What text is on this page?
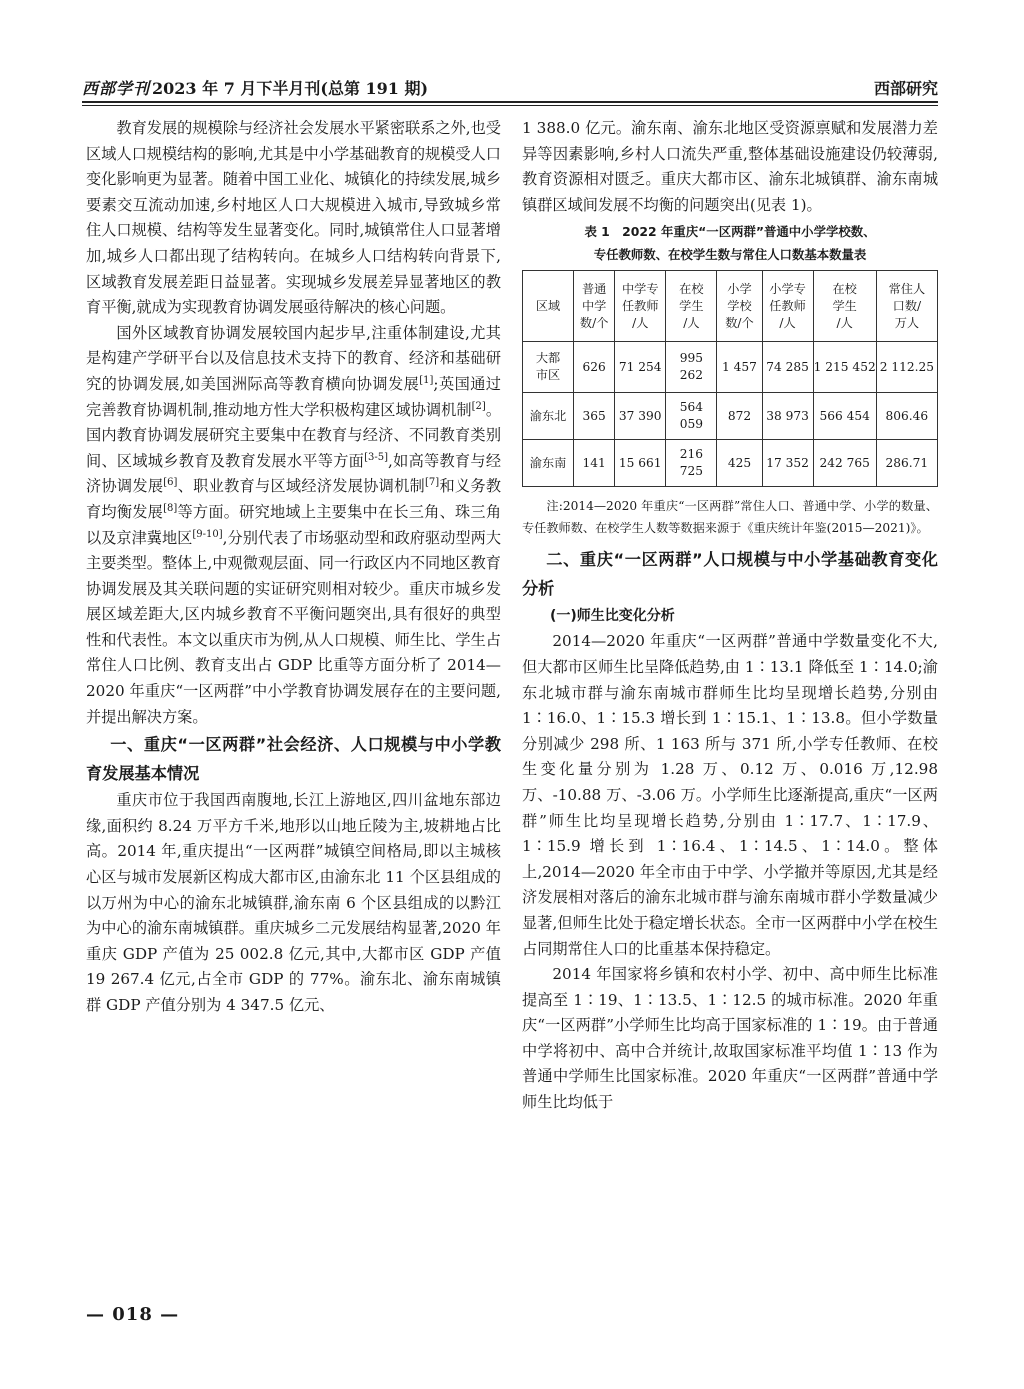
西部学刊 2023 年 7 月下半月刊(总第 191 期)	西部研究

教育发展的规模除与经济社会发展水平紧密联系之外,也受区域人口规模结构的影响,尤其是中小学基础教育的规模受人口变化影响更为显著。随着中国工业化、城镇化的持续发展,城乡要素交互流动加速,乡村地区人口大规模进入城市,导致城乡常住人口规模、结构等发生显著变化。同时,城镇常住人口显著增加,城乡人口都出现了结构转向。在城乡人口结构转向背景下,区域教育发展差距日益显著。实现城乡发展差异显著地区的教育平衡,就成为实现教育协调发展亟待解决的核心问题。

国外区域教育协调发展较国内起步早,注重体制建设,尤其是构建产学研平台以及信息技术支持下的教育、经济和基础研究的协调发展,如美国洲际高等教育横向协调发展[1];英国通过完善教育协调机制,推动地方性大学积极构建区域协调机制[2]。国内教育协调发展研究主要集中在教育与经济、不同教育类别间、区域城乡教育及教育发展水平等方面[3-5],如高等教育与经济协调发展[6]、职业教育与区域经济发展协调机制[7]和义务教育均衡发展[8]等方面。研究地域上主要集中在长三角、珠三角以及京津冀地区[9-10],分别代表了市场驱动型和政府驱动型两大主要类型。整体上,中观微观层面、同一行政区内不同地区教育协调发展及其关联问题的实证研究则相对较少。重庆市城乡发展区域差距大,区内城乡教育不平衡问题突出,具有很好的典型性和代表性。本文以重庆市为例,从人口规模、师生比、学生占常住人口比例、教育支出占 GDP 比重等方面分析了 2014—2020 年重庆“一区两群”中小学教育协调发展存在的主要问题,并提出解决方案。

一、重庆“一区两群”社会经济、人口规模与中小学教育发展基本情况

重庆市位于我国西南腹地,长江上游地区,四川盆地东部边缘,面积约 8.24 万平方千米,地形以山地丘陵为主,坡耕地占比高。2014 年,重庆提出“一区两群”城镇空间格局,即以主城核心区与城市发展新区构成大都市区,由渝东北 11 个区县组成的以万州为中心的渝东北城镇群,渝东南 6 个区县组成的以黔江为中心的渝东南城镇群。重庆城乡二元发展结构显著,2020 年重庆 GDP 产值为 25 002.8 亿元,其中,大都市区 GDP 产值 19 267.4 亿元,占全市 GDP 的 77%。渝东北、渝东南城镇群 GDP 产值分别为 4 347.5 亿元、

1 388.0 亿元。渝东南、渝东北地区受资源禀赋和发展潜力差异等因素影响,乡村人口流失严重,整体基础设施建设仍较薄弱,教育资源相对匮乏。重庆大都市区、渝东北城镇群、渝东南城镇群区域间发展不均衡的问题突出(见表 1)。

表 1　2022 年重庆“一区两群”普通中小学学校数、
专任教师数、在校学生数与常住人口数基本数量表
区域	普通
中学
数/个	中学专
任教师
/人	在校
学生
/人	小学
学校
数/个	小学专
任教师
/人	在校
学生
/人	常住人
口数/
万人
大都
市区	626	71 254	995 262	1 457	74 285	1 215 452	2 112.25
渝东北	365	37 390	564 059	872	38 973	566 454	806.46
渝东南	141	15 661	216 725	425	17 352	242 765	286.71
注:2014—2020 年重庆“一区两群”常住人口、普通中学、小学的数量、专任教师数、在校学生人数等数据来源于《重庆统计年鉴(2015—2021)》。
二、重庆“一区两群”人口规模与中小学基础教育变化分析
(一)师生比变化分析

2014—2020 年重庆“一区两群”普通中学数量变化不大,但大都市区师生比呈降低趋势,由 1∶13.1 降低至 1∶14.0;渝东北城市群与渝东南城市群师生比均呈现增长趋势,分别由 1∶16.0、1∶15.3 增长到 1∶15.1、1∶13.8。但小学数量分别减少 298 所、1 163 所与 371 所,小学专任教师、在校生变化量分别为 1.28 万、0.12 万、0.016 万,12.98 万、-10.88 万、-3.06 万。小学师生比逐渐提高,重庆“一区两群”师生比均呈现增长趋势,分别由 1∶17.7、1∶17.9、1∶15.9 增长到 1∶16.4、1∶14.5、1∶14.0。整体上,2014—2020 年全市由于中学、小学撤并等原因,尤其是经济发展相对落后的渝东北城市群与渝东南城市群小学数量减少显著,但师生比处于稳定增长状态。全市一区两群中小学在校生占同期常住人口的比重基本保持稳定。

2014 年国家将乡镇和农村小学、初中、高中师生比标准提高至 1∶19、1∶13.5、1∶12.5 的城市标准。2020 年重庆“一区两群”小学师生比均高于国家标准的 1∶19。由于普通中学将初中、高中合并统计,故取国家标准平均值 1∶13 作为普通中学师生比国家标准。2020 年重庆“一区两群”普通中学师生比均低于

— 018 —
